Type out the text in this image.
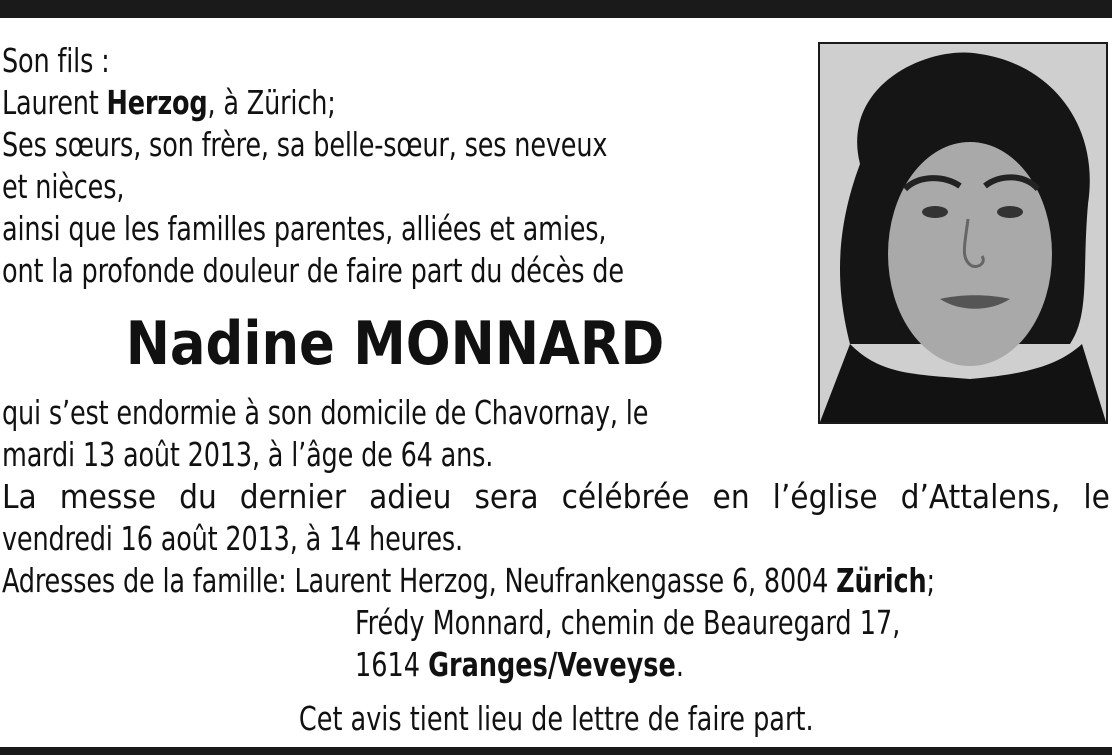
Son fils :
Laurent Herzog, à Zürich;
Ses sœurs, son frère, sa belle-sœur, ses neveux
et nièces,
ainsi que les familles parentes, alliées et amies,
ont la profonde douleur de faire part du décès de
Nadine MONNARD
qui s’est endormie à son domicile de Chavornay, le
mardi 13 août 2013, à l’âge de 64 ans.
La messe du dernier adieu sera célébrée en l’église d’Attalens, le
vendredi 16 août 2013, à 14 heures.
Adresses de la famille: Laurent Herzog, Neufrankengasse 6, 8004 Zürich;
Frédy Monnard, chemin de Beauregard 17,
1614 Granges/Veveyse.
Cet avis tient lieu de lettre de faire part.
